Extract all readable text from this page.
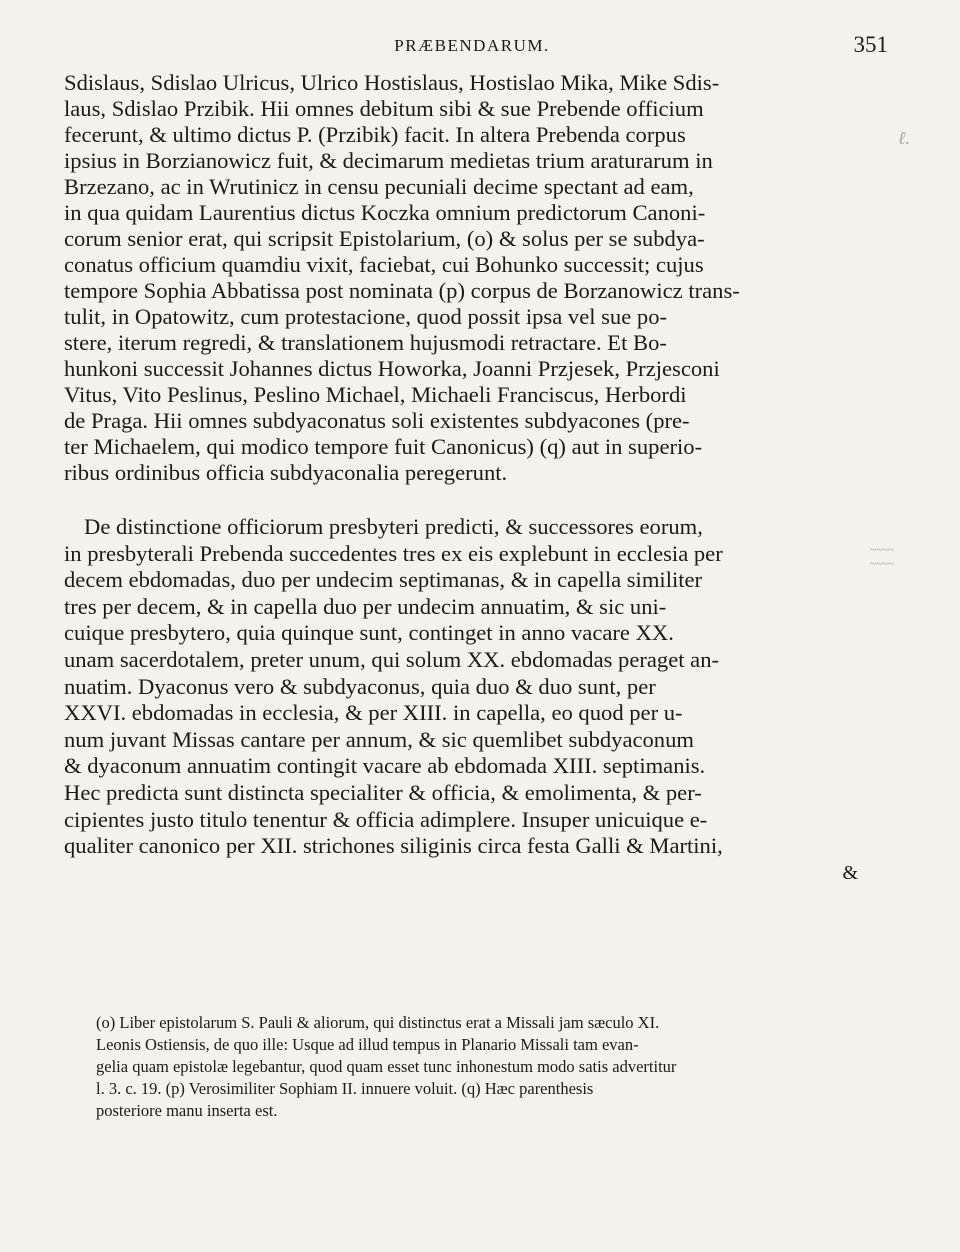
PRÆBENDARUM.	351
ℓ.
~~~~
~~~~
Sdislaus, Sdislao Ulricus, Ulrico Hostislaus, Hostislao Mika, Mike Sdis-
laus, Sdislao Przibik. Hii omnes debitum sibi & sue Prebende officium
fecerunt, & ultimo dictus P. (Przibik) facit. In altera Prebenda corpus
ipsius in Borzianowicz fuit, & decimarum medietas trium araturarum in
Brzezano, ac in Wrutinicz in censu pecuniali decime spectant ad eam,
in qua quidam Laurentius dictus Koczka omnium predictorum Canoni-
corum senior erat, qui scripsit Epistolarium, (o) & solus per se subdya-
conatus officium quamdiu vixit, faciebat, cui Bohunko successit; cujus
tempore Sophia Abbatissa post nominata (p) corpus de Borzanowicz trans-
tulit, in Opatowitz, cum protestacione, quod possit ipsa vel sue po-
stere, iterum regredi, & translationem hujusmodi retractare. Et Bo-
hunkoni successit Johannes dictus Howorka, Joanni Przjesek, Przjesconi
Vitus, Vito Peslinus, Peslino Michael, Michaeli Franciscus, Herbordi
de Praga. Hii omnes subdyaconatus soli existentes subdyacones (pre-
ter Michaelem, qui modico tempore fuit Canonicus) (q) aut in superio-
ribus ordinibus officia subdyaconalia peregerunt.
De distinctione officiorum presbyteri predicti, & successores eorum,
in presbyterali Prebenda succedentes tres ex eis explebunt in ecclesia per
decem ebdomadas, duo per undecim septimanas, & in capella similiter
tres per decem, & in capella duo per undecim annuatim, & sic uni-
cuique presbytero, quia quinque sunt, continget in anno vacare XX.
unam sacerdotalem, preter unum, qui solum XX. ebdomadas peraget an-
nuatim. Dyaconus vero & subdyaconus, quia duo & duo sunt, per
XXVI. ebdomadas in ecclesia, & per XIII. in capella, eo quod per u-
num juvant Missas cantare per annum, & sic quemlibet subdyaconum
& dyaconum annuatim contingit vacare ab ebdomada XIII. septimanis.
Hec predicta sunt distincta specialiter & officia, & emolimenta, & per-
cipientes justo titulo tenentur & officia adimplere. Insuper unicuique e-
qualiter canonico per XII. strichones siliginis circa festa Galli & Martini,
&
(o) Liber epistolarum S. Pauli & aliorum, qui distinctus erat a Missali jam sæculo XI.
Leonis Ostiensis, de quo ille: Usque ad illud tempus in Planario Missali tam evan-
gelia quam epistolæ legebantur, quod quam esset tunc inhonestum modo satis advertitur
l. 3. c. 19. (p) Verosimiliter Sophiam II. innuere voluit. (q) Hæc parenthesis
posteriore manu inserta est.
